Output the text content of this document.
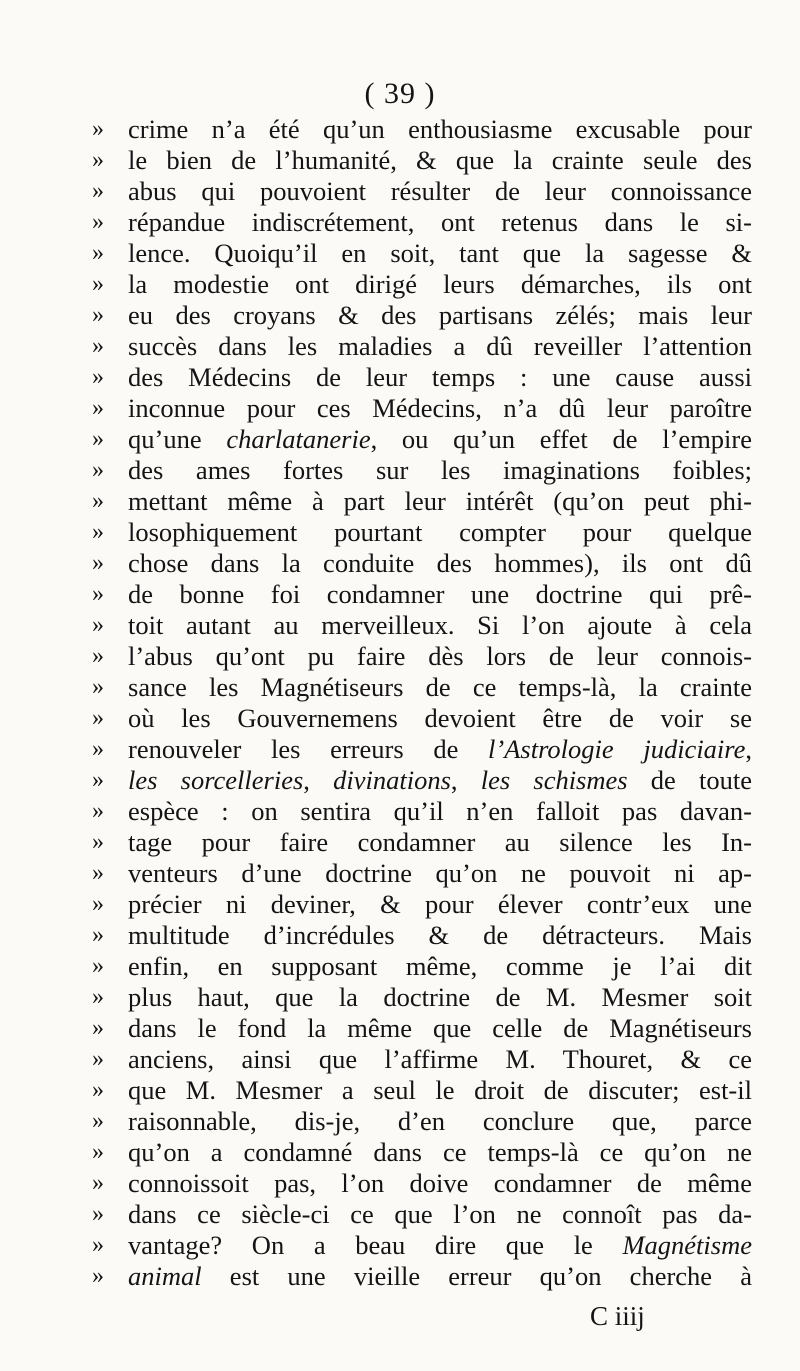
( 39 )
» crime n’a été qu’un enthousiasme excusable pour
» le bien de l’humanité, & que la crainte seule des
» abus qui pouvoient résulter de leur connoissance
» répandue indiscrétement, ont retenus dans le si-
» lence. Quoiqu’il en soit, tant que la sagesse &
» la modestie ont dirigé leurs démarches, ils ont
» eu des croyans & des partisans zélés; mais leur
» succès dans les maladies a dû reveiller l’attention
» des Médecins de leur temps : une cause aussi
» inconnue pour ces Médecins, n’a dû leur paroître
» qu’une charlatanerie, ou qu’un effet de l’empire
» des ames fortes sur les imaginations foibles;
» mettant même à part leur intérêt (qu’on peut phi-
» losophiquement pourtant compter pour quelque
» chose dans la conduite des hommes), ils ont dû
» de bonne foi condamner une doctrine qui prê-
» toit autant au merveilleux. Si l’on ajoute à cela
» l’abus qu’ont pu faire dès lors de leur connois-
» sance les Magnétiseurs de ce temps-là, la crainte
» où les Gouvernemens devoient être de voir se
» renouveler les erreurs de l’Astrologie judiciaire,
» les sorcelleries, divinations, les schismes de toute
» espèce : on sentira qu’il n’en falloit pas davan-
» tage pour faire condamner au silence les In-
» venteurs d’une doctrine qu’on ne pouvoit ni ap-
» précier ni deviner, & pour élever contr’eux une
» multitude d’incrédules & de détracteurs. Mais
» enfin, en supposant même, comme je l’ai dit
» plus haut, que la doctrine de M. Mesmer soit
» dans le fond la même que celle de Magnétiseurs
» anciens, ainsi que l’affirme M. Thouret, & ce
» que M. Mesmer a seul le droit de discuter; est-il
» raisonnable, dis-je, d’en conclure que, parce
» qu’on a condamné dans ce temps-là ce qu’on ne
» connoissoit pas, l’on doive condamner de même
» dans ce siècle-ci ce que l’on ne connoît pas da-
» vantage? On a beau dire que le Magnétisme
» animal est une vieille erreur qu’on cherche à
C iiij
